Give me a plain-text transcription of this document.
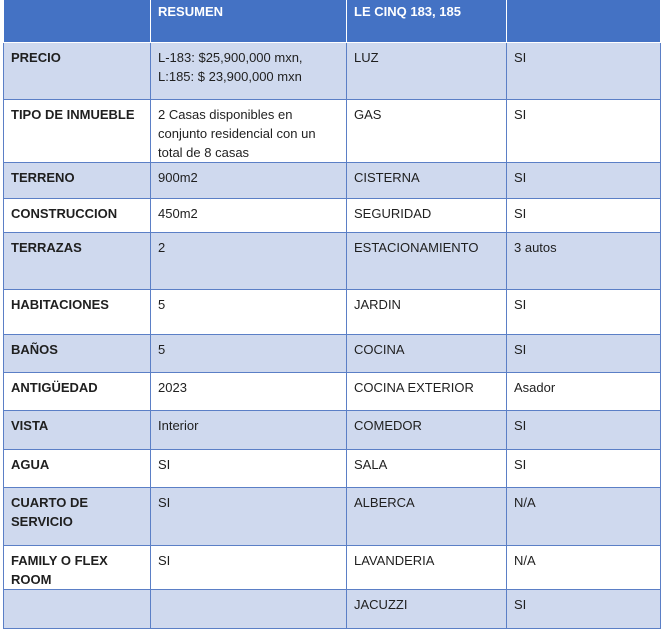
	RESUMEN	LE CINQ 183, 185	
PRECIO	L-183: $25,900,000 mxn, L:185: $ 23,900,000 mxn	LUZ	SI
TIPO DE INMUEBLE	2 Casas disponibles en conjunto residencial con un total de 8 casas	GAS	SI
TERRENO	900m2	CISTERNA	SI
CONSTRUCCION	450m2	SEGURIDAD	SI
TERRAZAS	2	ESTACIONAMIENTO	3 autos
HABITACIONES	5	JARDIN	SI
BAÑOS	5	COCINA	SI
ANTIGÜEDAD	2023	COCINA EXTERIOR	Asador
VISTA	Interior	COMEDOR	SI
AGUA	SI	SALA	SI
CUARTO DE SERVICIO	SI	ALBERCA	N/A
FAMILY O FLEX ROOM	SI	LAVANDERIA	N/A
		JACUZZI	SI
